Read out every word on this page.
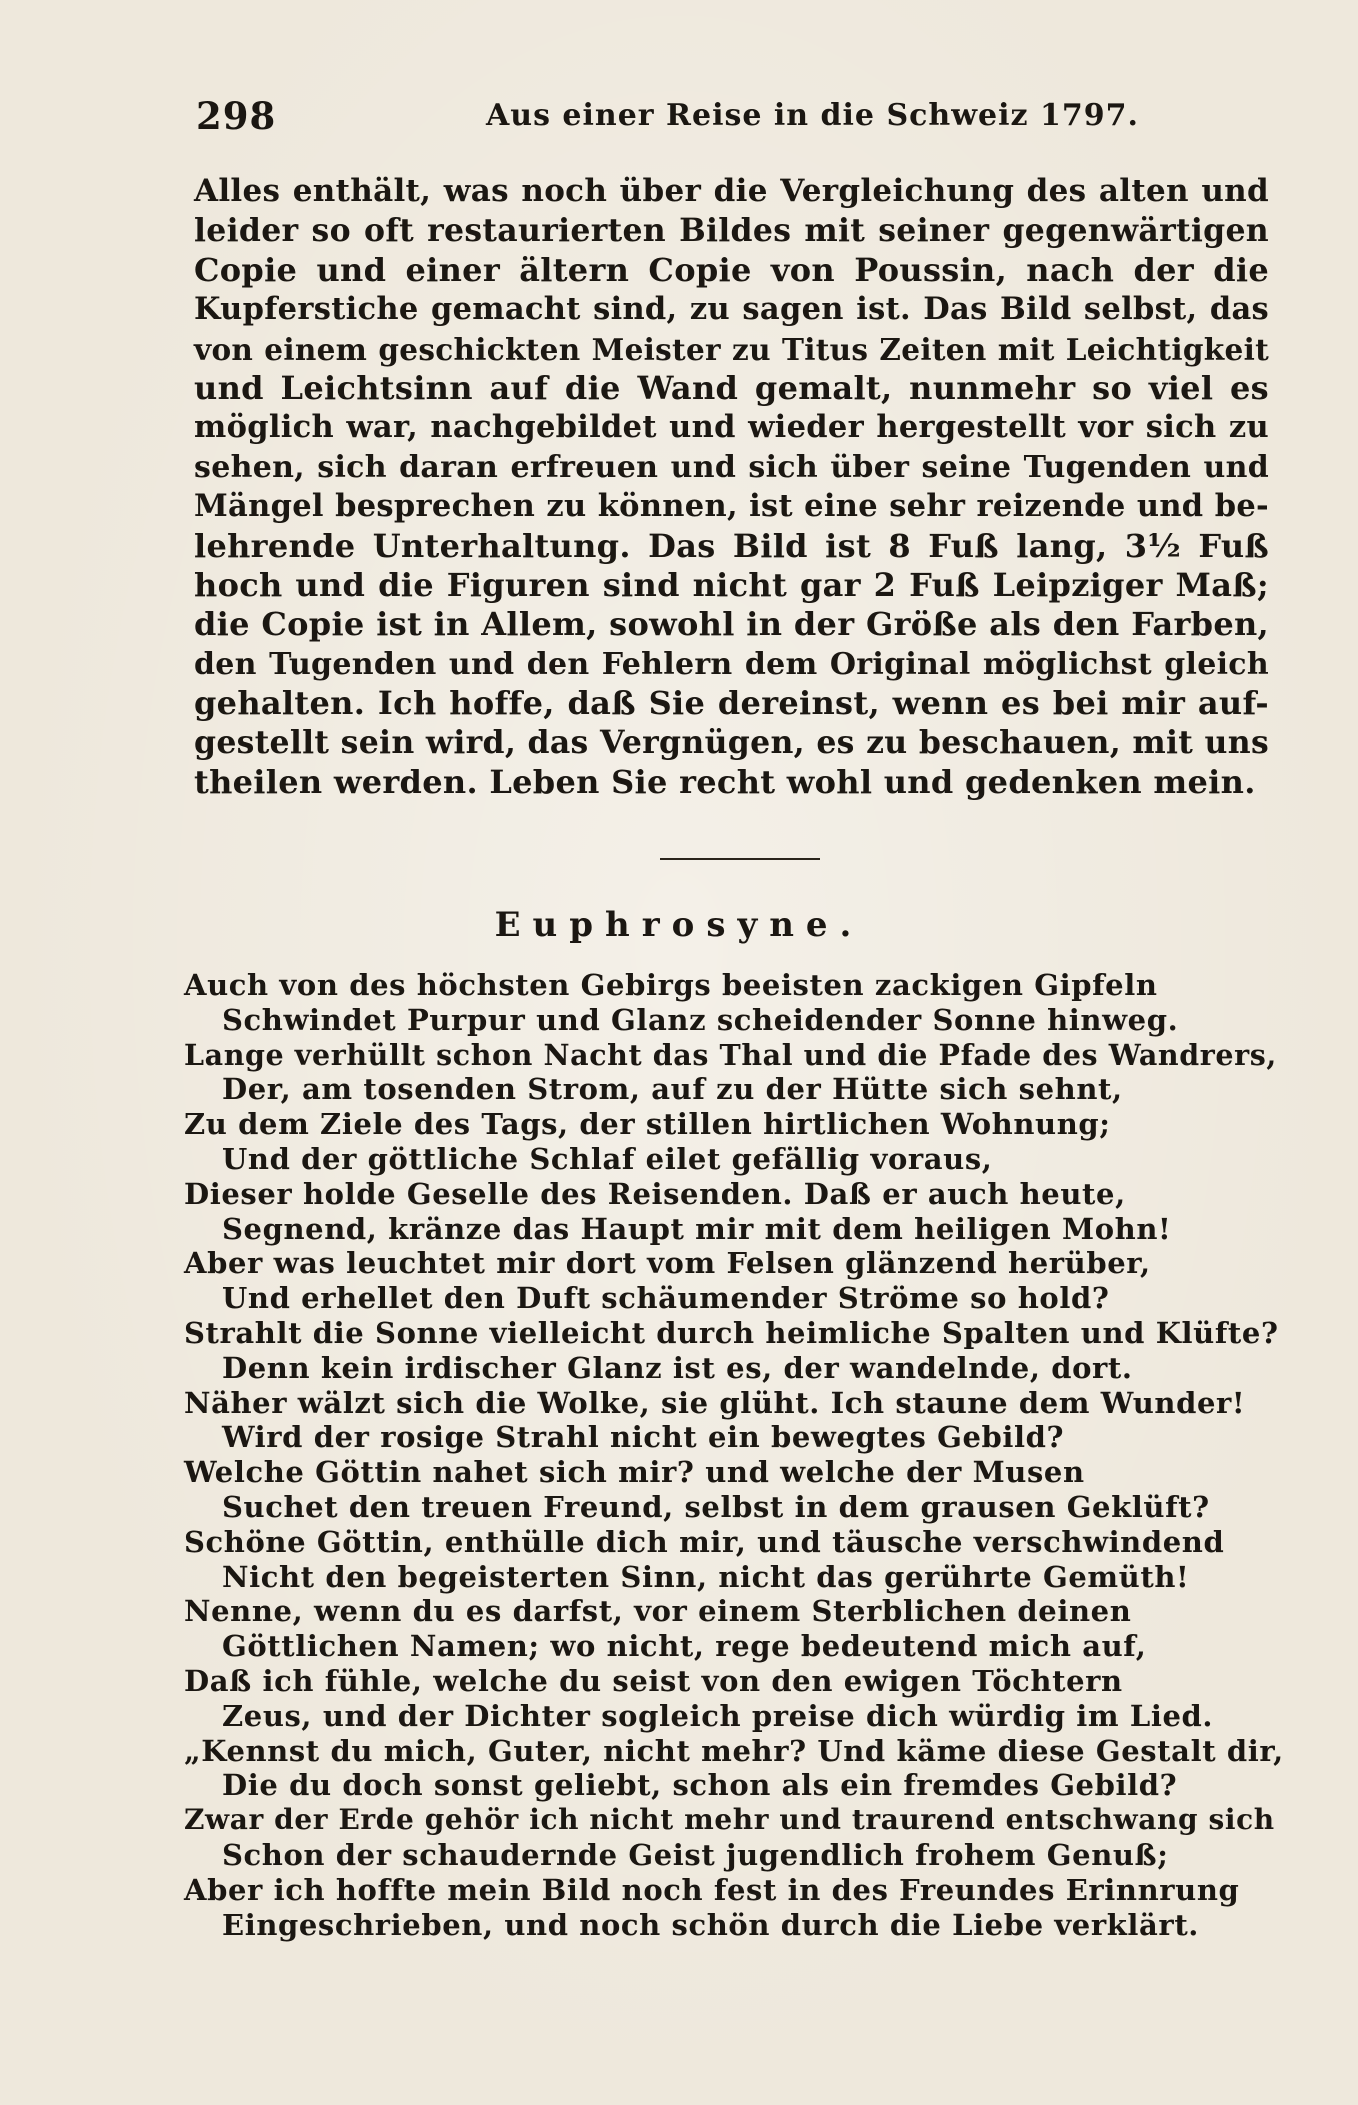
298	Aus einer Reise in die Schweiz 1797.
Alles enthält, was noch über die Vergleichung des alten und
leider so oft restaurierten Bildes mit seiner gegenwärtigen
Copie und einer ältern Copie von Poussin, nach der die
Kupferstiche gemacht sind, zu sagen ist. Das Bild selbst, das
von einem geschickten Meister zu Titus Zeiten mit Leichtigkeit
und Leichtsinn auf die Wand gemalt, nunmehr so viel es
möglich war, nachgebildet und wieder hergestellt vor sich zu
sehen, sich daran erfreuen und sich über seine Tugenden und
Mängel besprechen zu können, ist eine sehr reizende und be-
lehrende Unterhaltung. Das Bild ist 8 Fuß lang, 3½ Fuß
hoch und die Figuren sind nicht gar 2 Fuß Leipziger Maß;
die Copie ist in Allem, sowohl in der Größe als den Farben,
den Tugenden und den Fehlern dem Original möglichst gleich
gehalten. Ich hoffe, daß Sie dereinst, wenn es bei mir auf-
gestellt sein wird, das Vergnügen, es zu beschauen, mit uns
theilen werden. Leben Sie recht wohl und gedenken mein.
Euphrosyne.
Auch von des höchsten Gebirgs beeisten zackigen Gipfeln
Schwindet Purpur und Glanz scheidender Sonne hinweg.
Lange verhüllt schon Nacht das Thal und die Pfade des Wandrers,
Der, am tosenden Strom, auf zu der Hütte sich sehnt,
Zu dem Ziele des Tags, der stillen hirtlichen Wohnung;
Und der göttliche Schlaf eilet gefällig voraus,
Dieser holde Geselle des Reisenden. Daß er auch heute,
Segnend, kränze das Haupt mir mit dem heiligen Mohn!
Aber was leuchtet mir dort vom Felsen glänzend herüber,
Und erhellet den Duft schäumender Ströme so hold?
Strahlt die Sonne vielleicht durch heimliche Spalten und Klüfte?
Denn kein irdischer Glanz ist es, der wandelnde, dort.
Näher wälzt sich die Wolke, sie glüht. Ich staune dem Wunder!
Wird der rosige Strahl nicht ein bewegtes Gebild?
Welche Göttin nahet sich mir? und welche der Musen
Suchet den treuen Freund, selbst in dem grausen Geklüft?
Schöne Göttin, enthülle dich mir, und täusche verschwindend
Nicht den begeisterten Sinn, nicht das gerührte Gemüth!
Nenne, wenn du es darfst, vor einem Sterblichen deinen
Göttlichen Namen; wo nicht, rege bedeutend mich auf,
Daß ich fühle, welche du seist von den ewigen Töchtern
Zeus, und der Dichter sogleich preise dich würdig im Lied.
„Kennst du mich, Guter, nicht mehr? Und käme diese Gestalt dir,
Die du doch sonst geliebt, schon als ein fremdes Gebild?
Zwar der Erde gehör ich nicht mehr und traurend entschwang sich
Schon der schaudernde Geist jugendlich frohem Genuß;
Aber ich hoffte mein Bild noch fest in des Freundes Erinnrung
Eingeschrieben, und noch schön durch die Liebe verklärt.
